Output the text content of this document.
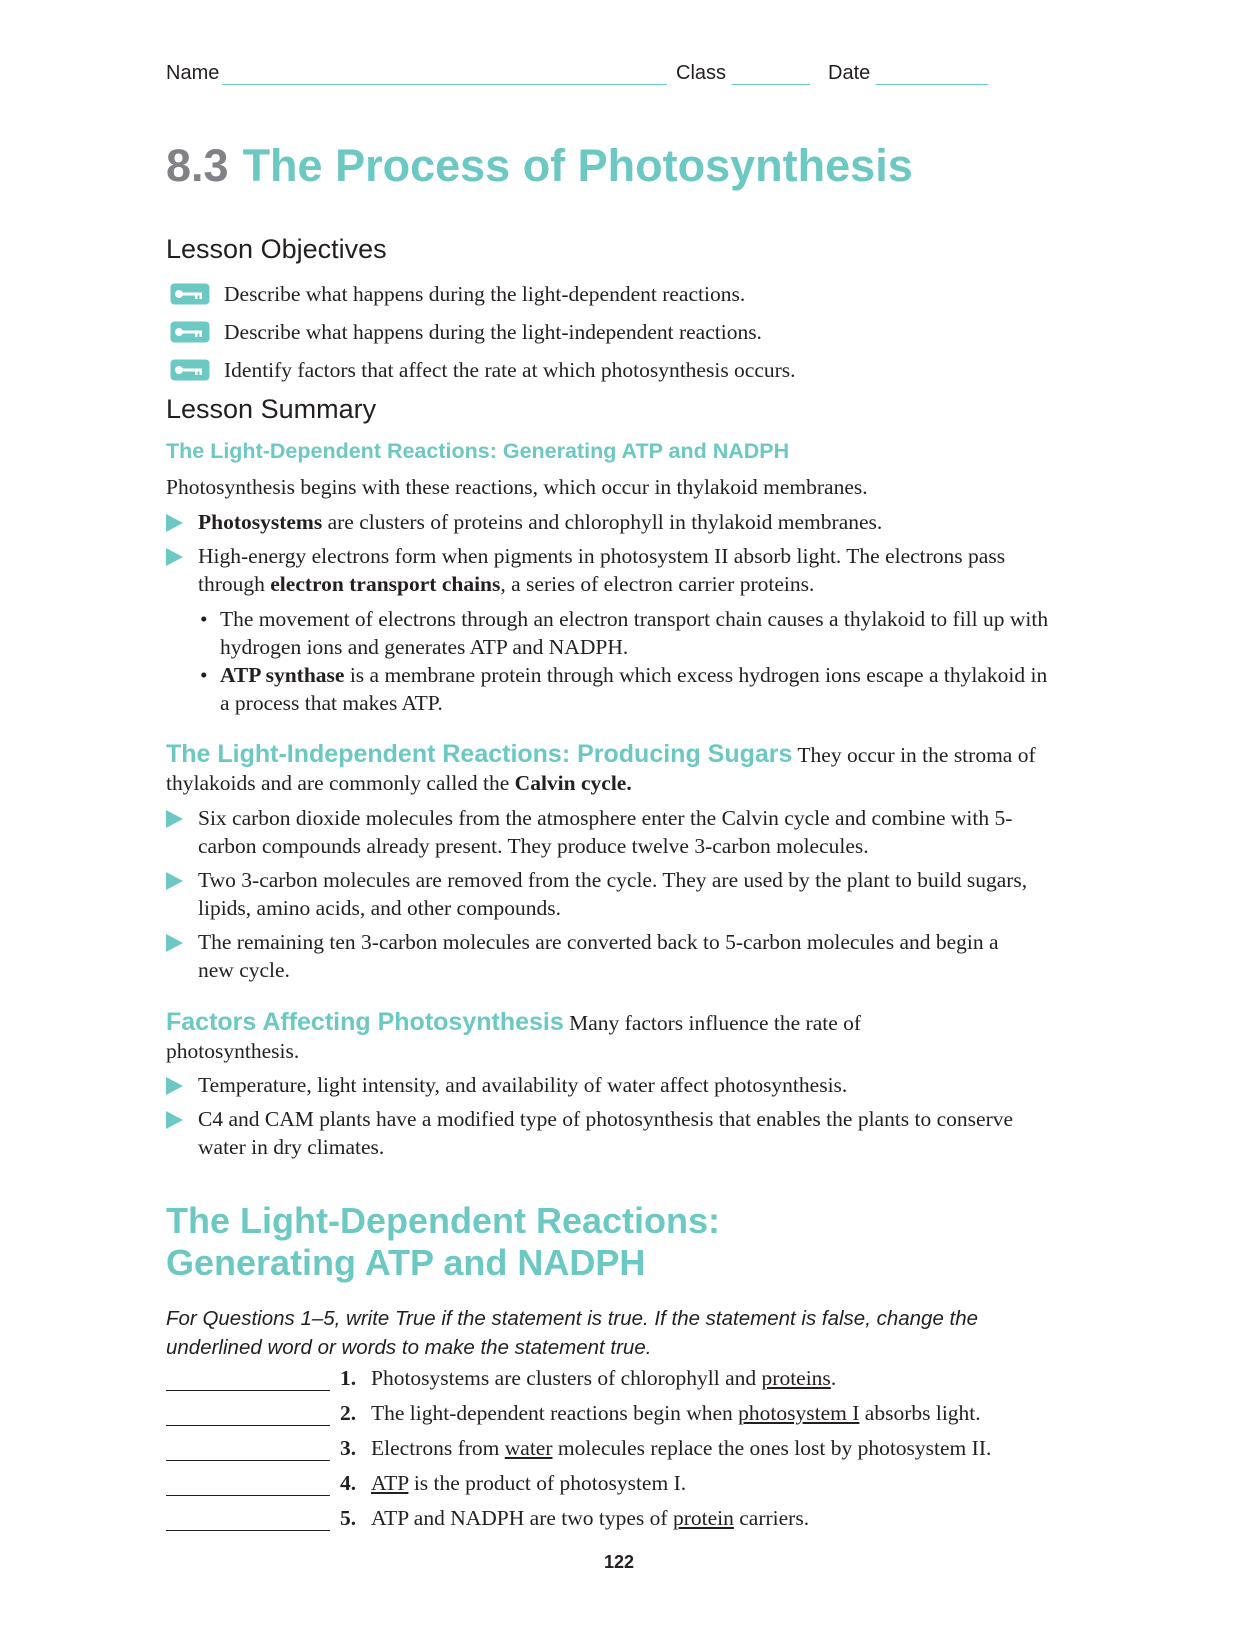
Name	Class	Date
8.3 The Process of Photosynthesis
Lesson Objectives
Describe what happens during the light-dependent reactions.
Describe what happens during the light-independent reactions.
Identify factors that affect the rate at which photosynthesis occurs.
Lesson Summary
The Light-Dependent Reactions: Generating ATP and NADPH
Photosynthesis begins with these reactions, which occur in thylakoid membranes.
Photosystems are clusters of proteins and chlorophyll in thylakoid membranes.
High-energy electrons form when pigments in photosystem II absorb light. The electrons pass through electron transport chains, a series of electron carrier proteins.
• The movement of electrons through an electron transport chain causes a thylakoid to fill up with hydrogen ions and generates ATP and NADPH.
• ATP synthase is a membrane protein through which excess hydrogen ions escape a thylakoid in a process that makes ATP.
The Light-Independent Reactions: Producing Sugars They occur in the stroma of thylakoids and are commonly called the Calvin cycle.
Six carbon dioxide molecules from the atmosphere enter the Calvin cycle and combine with 5-carbon compounds already present. They produce twelve 3-carbon molecules.
Two 3-carbon molecules are removed from the cycle. They are used by the plant to build sugars, lipids, amino acids, and other compounds.
The remaining ten 3-carbon molecules are converted back to 5-carbon molecules and begin a new cycle.
Factors Affecting Photosynthesis Many factors influence the rate of photosynthesis.
Temperature, light intensity, and availability of water affect photosynthesis.
C4 and CAM plants have a modified type of photosynthesis that enables the plants to conserve water in dry climates.
The Light-Dependent Reactions:
Generating ATP and NADPH
For Questions 1–5, write True if the statement is true. If the statement is false, change the underlined word or words to make the statement true.
1. Photosystems are clusters of chlorophyll and proteins.
2. The light-dependent reactions begin when photosystem I absorbs light.
3. Electrons from water molecules replace the ones lost by photosystem II.
4. ATP is the product of photosystem I.
5. ATP and NADPH are two types of protein carriers.
122
